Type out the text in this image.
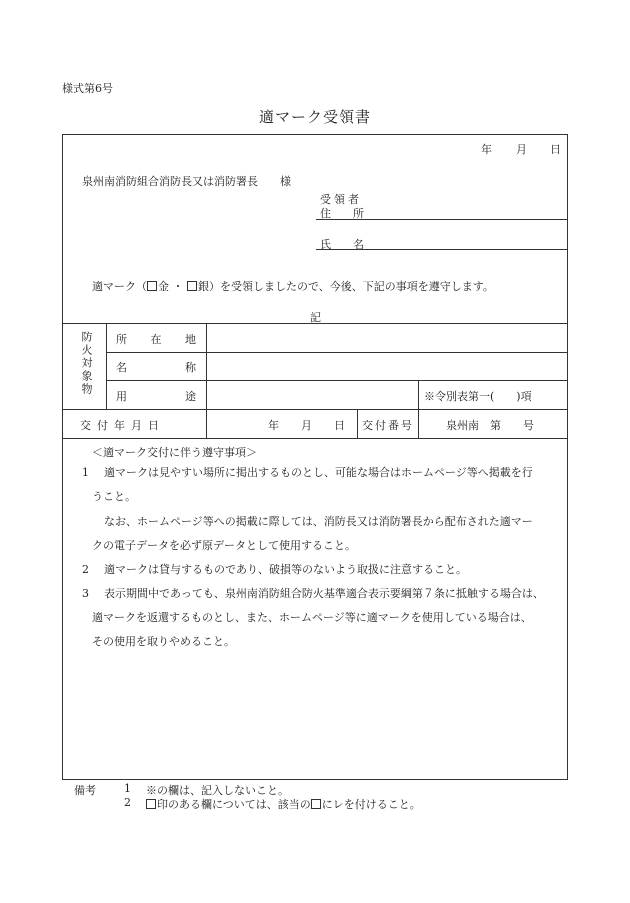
様式第6号
適マーク受領書
年 月 日
泉州南消防組合消防長又は消防署長　　様
受領者
住　　所
氏　　名
適マーク（ 金 ・ 銀）を受領しましたので、今後、下記の事項を遵守します。
記
防火対象物 所 在 地
名	称
用	途	※令別表第一(　　)項
交付年月日	年　　月　　日 交付番号	泉州南　第　　号
＜適マーク交付に伴う遵守事項＞
1 適マークは見やすい場所に掲出するものとし、可能な場合はホームページ等へ掲載を行
うこと。
なお、ホームページ等への掲載に際しては、消防長又は消防署長から配布された適マー
クの電子データを必ず原データとして使用すること。
2 適マークは貸与するものであり、破損等のないよう取扱に注意すること。
3 表示期間中であっても、泉州南消防組合防火基準適合表示要綱第７条に抵触する場合は、
適マークを返還するものとし、また、ホームページ等に適マークを使用している場合は、
その使用を取りやめること。
備考	1 ※の欄は、記入しないこと。
2	印のある欄については、該当の にレを付けること。
